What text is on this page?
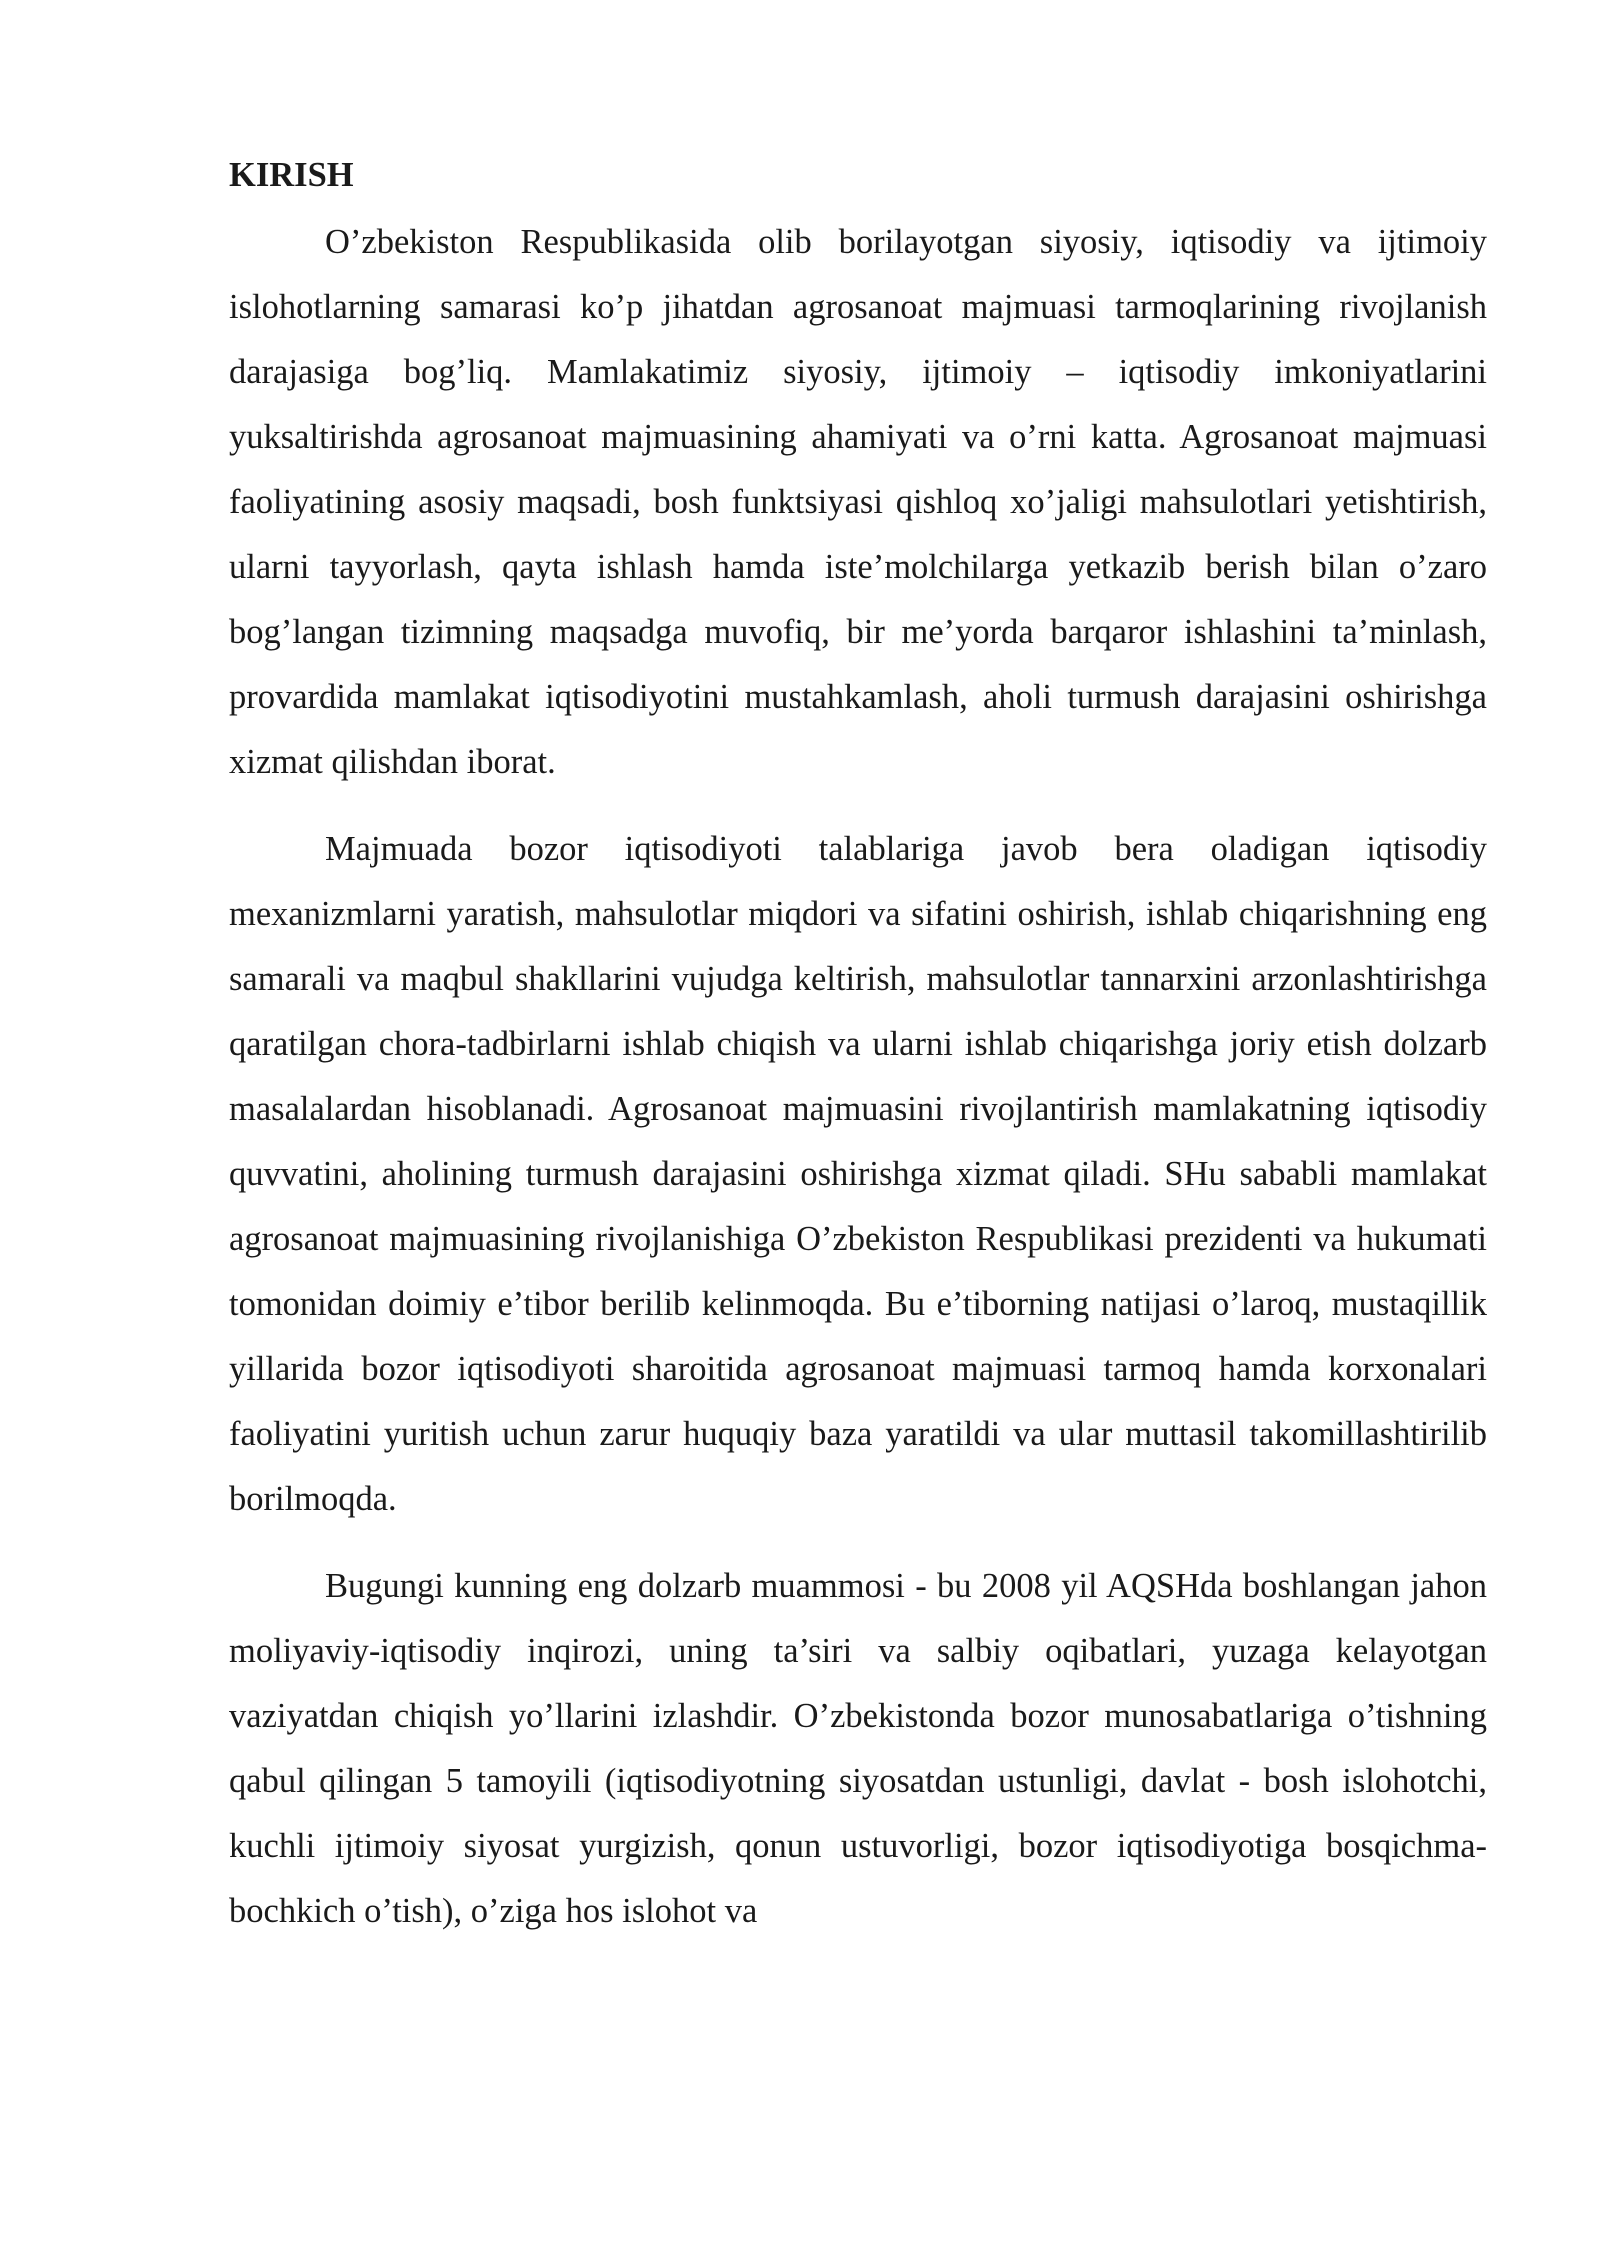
KIRISH

O’zbekiston Respublikasida olib borilayotgan siyosiy, iqtisodiy va ijtimoiy islohotlarning samarasi ko’p jihatdan agrosanoat majmuasi tarmoqlarining rivojlanish darajasiga bog’liq. Mamlakatimiz siyosiy, ijtimoiy – iqtisodiy imkoniyatlarini yuksaltirishda agrosanoat majmuasining ahamiyati va o’rni katta. Agrosanoat majmuasi faoliyatining asosiy maqsadi, bosh funktsiyasi qishloq xo’jaligi mahsulotlari yetishtirish, ularni tayyorlash, qayta ishlash hamda iste’molchilarga yetkazib berish bilan o’zaro bog’langan tizimning maqsadga muvofiq, bir me’yorda barqaror ishlashini ta’minlash, provardida mamlakat iqtisodiyotini mustahkamlash, aholi turmush darajasini oshirishga xizmat qilishdan iborat.

Majmuada bozor iqtisodiyoti talablariga javob bera oladigan iqtisodiy mexanizmlarni yaratish, mahsulotlar miqdori va sifatini oshirish, ishlab chiqarishning eng samarali va maqbul shakllarini vujudga keltirish, mahsulotlar tannarxini arzonlashtirishga qaratilgan chora-tadbirlarni ishlab chiqish va ularni ishlab chiqarishga joriy etish dolzarb masalalardan hisoblanadi. Agrosanoat majmuasini rivojlantirish mamlakatning iqtisodiy quvvatini, aholining turmush darajasini oshirishga xizmat qiladi. SHu sababli mamlakat agrosanoat majmuasining rivojlanishiga O’zbekiston Respublikasi prezidenti va hukumati tomonidan doimiy e’tibor berilib kelinmoqda. Bu e’tiborning natijasi o’laroq, mustaqillik yillarida bozor iqtisodiyoti sharoitida agrosanoat majmuasi tarmoq hamda korxonalari faoliyatini yuritish uchun zarur huquqiy baza yaratildi va ular muttasil takomillashtirilib borilmoqda.

Bugungi kunning eng dolzarb muammosi - bu 2008 yil AQSHda boshlangan jahon moliyaviy-iqtisodiy inqirozi, uning ta’siri va salbiy oqibatlari, yuzaga kelayotgan vaziyatdan chiqish yo’llarini izlashdir. O’zbekistonda bozor munosabatlariga o’tishning qabul qilingan 5 tamoyili (iqtisodiyotning siyosatdan ustunligi, davlat - bosh islohotchi, kuchli ijtimoiy siyosat yurgizish, qonun ustuvorligi, bozor iqtisodiyotiga bosqichma-bochkich o’tish), o’ziga hos islohot va
